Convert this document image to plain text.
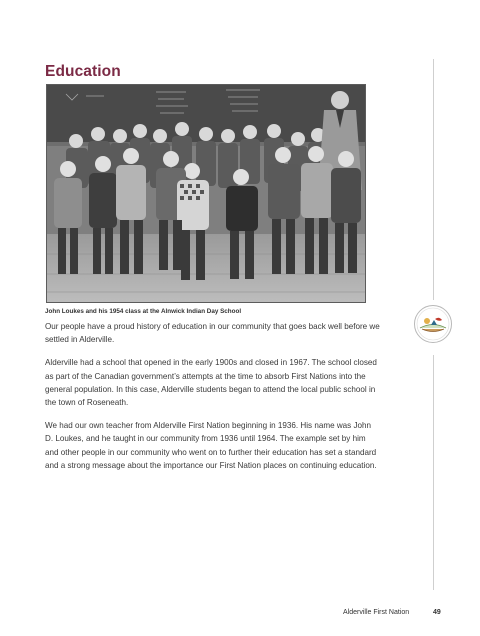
Education

John Loukes and his 1954 class at the Alnwick Indian Day School

Our people have a proud history of education in our community that goes back well before we settled in Alderville.

Alderville had a school that opened in the early 1900s and closed in 1967. The school closed as part of the Canadian government’s attempts at the time to absorb First Nations into the general population. In this case, Alderville students began to attend the local public school in the town of Roseneath.

We had our own teacher from Alderville First Nation beginning in 1936. His name was John D. Loukes, and he taught in our community from 1936 until 1964. The example set by him and other people in our community who went on to further their education has set a standard and a strong message about the importance our First Nation places on continuing education.

Alderville First Nation	49
